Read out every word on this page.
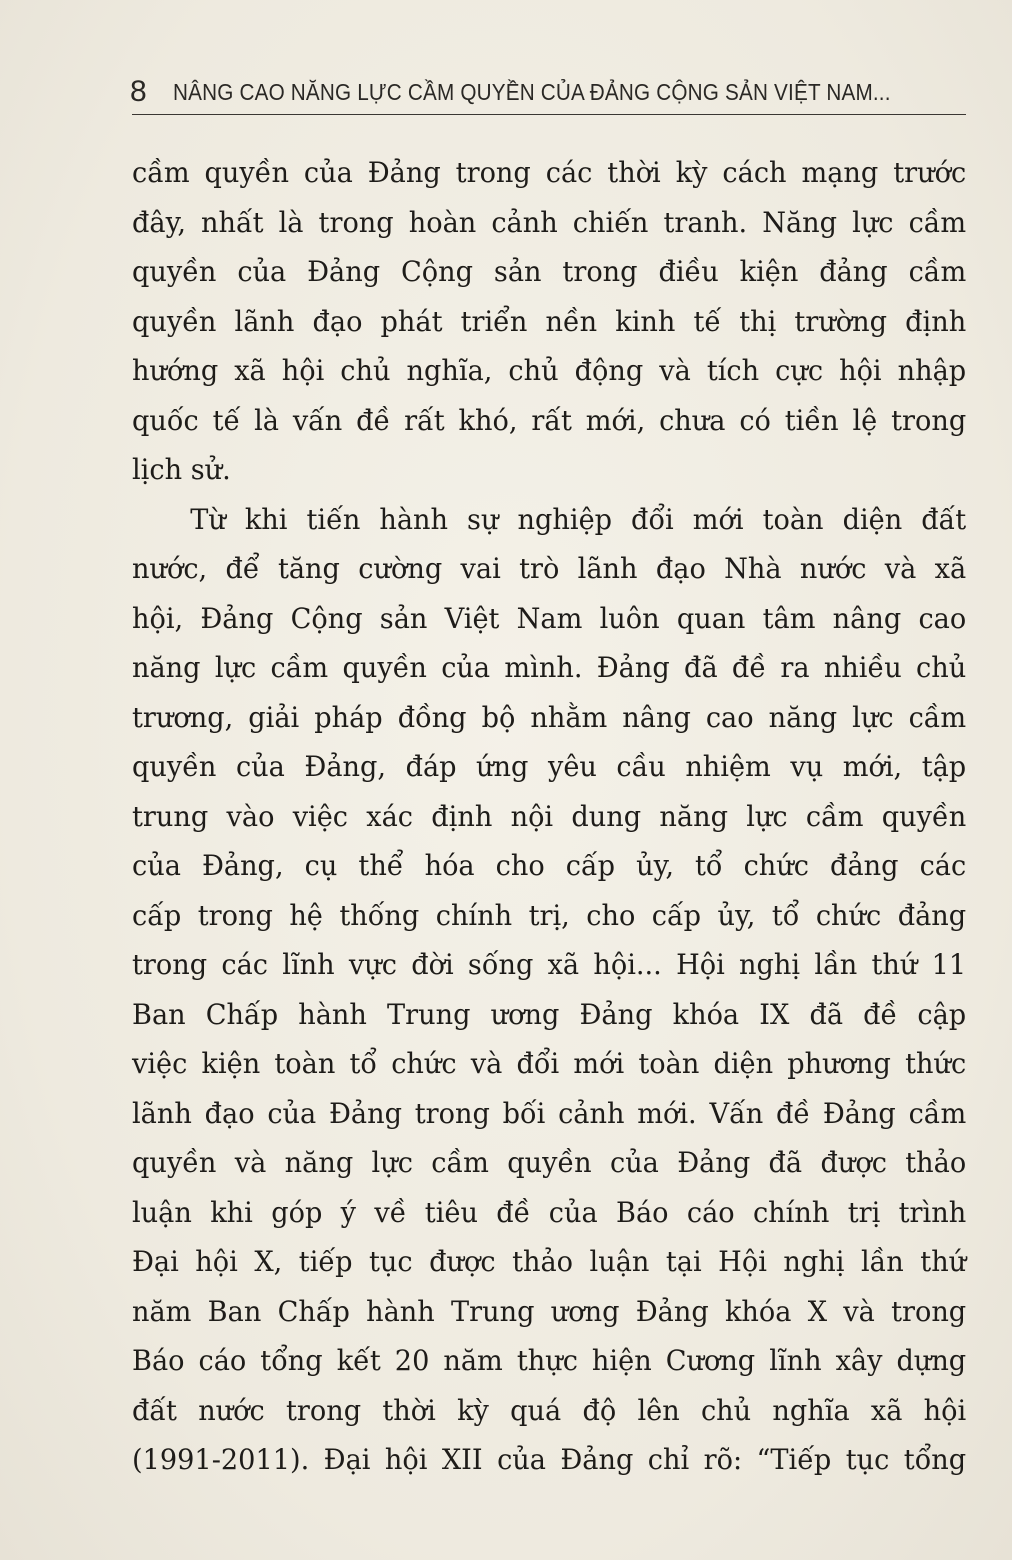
8 NÂNG CAO NĂNG LỰC CẦM QUYỀN CỦA ĐẢNG CỘNG SẢN VIỆT NAM...
cầm quyền của Đảng trong các thời kỳ cách mạng trước
đây, nhất là trong hoàn cảnh chiến tranh. Năng lực cầm
quyền của Đảng Cộng sản trong điều kiện đảng cầm
quyền lãnh đạo phát triển nền kinh tế thị trường định
hướng xã hội chủ nghĩa, chủ động và tích cực hội nhập
quốc tế là vấn đề rất khó, rất mới, chưa có tiền lệ trong
lịch sử.
Từ khi tiến hành sự nghiệp đổi mới toàn diện đất
nước, để tăng cường vai trò lãnh đạo Nhà nước và xã
hội, Đảng Cộng sản Việt Nam luôn quan tâm nâng cao
năng lực cầm quyền của mình. Đảng đã đề ra nhiều chủ
trương, giải pháp đồng bộ nhằm nâng cao năng lực cầm
quyền của Đảng, đáp ứng yêu cầu nhiệm vụ mới, tập
trung vào việc xác định nội dung năng lực cầm quyền
của Đảng, cụ thể hóa cho cấp ủy, tổ chức đảng các
cấp trong hệ thống chính trị, cho cấp ủy, tổ chức đảng
trong các lĩnh vực đời sống xã hội... Hội nghị lần thứ 11
Ban Chấp hành Trung ương Đảng khóa IX đã đề cập
việc kiện toàn tổ chức và đổi mới toàn diện phương thức
lãnh đạo của Đảng trong bối cảnh mới. Vấn đề Đảng cầm
quyền và năng lực cầm quyền của Đảng đã được thảo
luận khi góp ý về tiêu đề của Báo cáo chính trị trình
Đại hội X, tiếp tục được thảo luận tại Hội nghị lần thứ
năm Ban Chấp hành Trung ương Đảng khóa X và trong
Báo cáo tổng kết 20 năm thực hiện Cương lĩnh xây dựng
đất nước trong thời kỳ quá độ lên chủ nghĩa xã hội
(1991-2011). Đại hội XII của Đảng chỉ rõ: “Tiếp tục tổng
